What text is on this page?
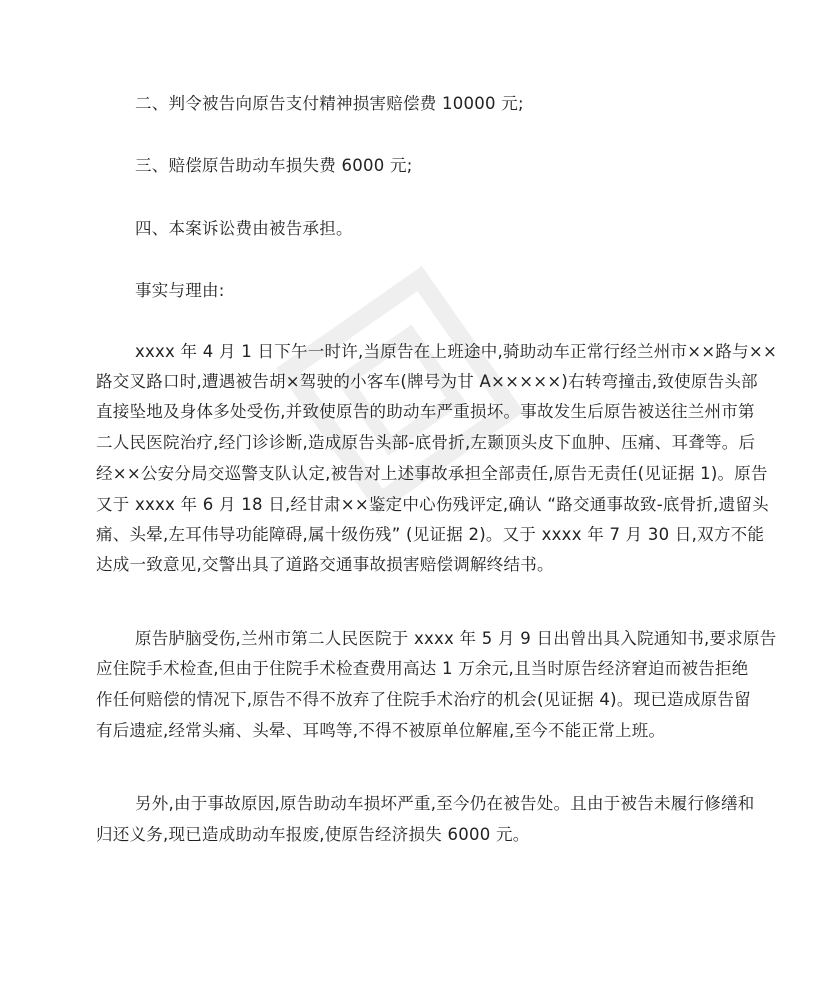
二、判令被告向原告支付精神损害赔偿费 10000 元;
三、赔偿原告助动车损失费 6000 元;
四、本案诉讼费由被告承担。
事实与理由:
xxxx 年 4 月 1 日下午一时许,当原告在上班途中,骑助动车正常行经兰州市××路与××
路交叉路口时,遭遇被告胡×驾驶的小客车(牌号为甘 A×××××)右转弯撞击,致使原告头部
直接坠地及身体多处受伤,并致使原告的助动车严重损坏。事故发生后原告被送往兰州市第
二人民医院治疗,经门诊诊断,造成原告头部-底骨折,左颞顶头皮下血肿、压痛、耳聋等。后
经××公安分局交巡警支队认定,被告对上述事故承担全部责任,原告无责任(见证据 1)。原告
又于 xxxx 年 6 月 18 日,经甘肃××鉴定中心伤残评定,确认 “路交通事故致-底骨折,遗留头
痛、头晕,左耳伟导功能障碍,属十级伤残” (见证据 2)。又于 xxxx 年 7 月 30 日,双方不能
达成一致意见,交警出具了道路交通事故损害赔偿调解终结书。
原告胪脑受伤,兰州市第二人民医院于 xxxx 年 5 月 9 日出曾出具入院通知书,要求原告
应住院手术检查,但由于住院手术检查费用高达 1 万余元,且当时原告经济窘迫而被告拒绝
作任何赔偿的情况下,原告不得不放弃了住院手术治疗的机会(见证据 4)。现已造成原告留
有后遗症,经常头痛、头晕、耳鸣等,不得不被原单位解雇,至今不能正常上班。
另外,由于事故原因,原告助动车损坏严重,至今仍在被告处。且由于被告未履行修缮和
归还义务,现已造成助动车报废,使原告经济损失 6000 元。
